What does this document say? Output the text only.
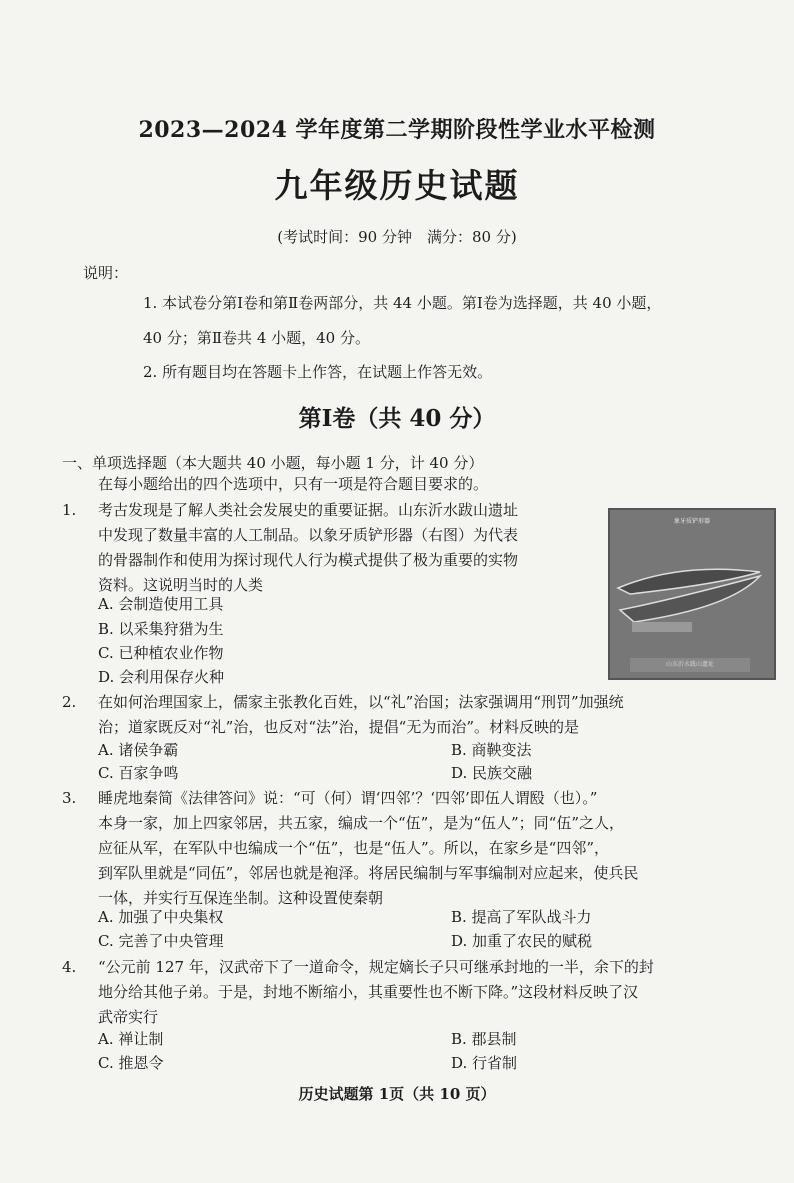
2023—2024 学年度第二学期阶段性学业水平检测
九年级历史试题
(考试时间：90 分钟　满分：80 分)
说明：
1. 本试卷分第Ⅰ卷和第Ⅱ卷两部分，共 44 小题。第Ⅰ卷为选择题，共 40 小题，
40 分；第Ⅱ卷共 4 小题，40 分。
2. 所有题目均在答题卡上作答，在试题上作答无效。
第Ⅰ卷（共 40 分）
一、单项选择题（本大题共 40 小题，每小题 1 分，计 40 分）
在每小题给出的四个选项中，只有一项是符合题目要求的。
1.	考古发现是了解人类社会发展史的重要证据。山东沂水跋山遗址
中发现了数量丰富的人工制品。以象牙质铲形器（右图）为代表
的骨器制作和使用为探讨现代人行为模式提供了极为重要的实物
资料。这说明当时的人类
A. 会制造使用工具
B. 以采集狩猎为生
C. 已种植农业作物
D. 会利用保存火种
象牙质铲形器
山东沂水跋山遗址
2.	在如何治理国家上，儒家主张教化百姓，以“礼”治国；法家强调用“刑罚”加强统
治；道家既反对“礼”治，也反对“法”治，提倡“无为而治”。材料反映的是
A. 诸侯争霸	B. 商鞅变法
C. 百家争鸣	D. 民族交融
3.	睡虎地秦简《法律答问》说：“可（何）谓‘四邻’？‘四邻’即伍人谓殹（也）。”
本身一家，加上四家邻居，共五家，编成一个“伍”，是为“伍人”；同“伍”之人，
应征从军，在军队中也编成一个“伍”，也是“伍人”。所以，在家乡是“四邻”，
到军队里就是“同伍”，邻居也就是袍泽。将居民编制与军事编制对应起来，使兵民
一体，并实行互保连坐制。这种设置使秦朝
A. 加强了中央集权	B. 提高了军队战斗力
C. 完善了中央管理	D. 加重了农民的赋税
4.	“公元前 127 年，汉武帝下了一道命令，规定嫡长子只可继承封地的一半，余下的封
地分给其他子弟。于是，封地不断缩小，其重要性也不断下降。”这段材料反映了汉
武帝实行
A. 禅让制	B. 郡县制
C. 推恩令	D. 行省制
历史试题第 1页（共 10 页）
